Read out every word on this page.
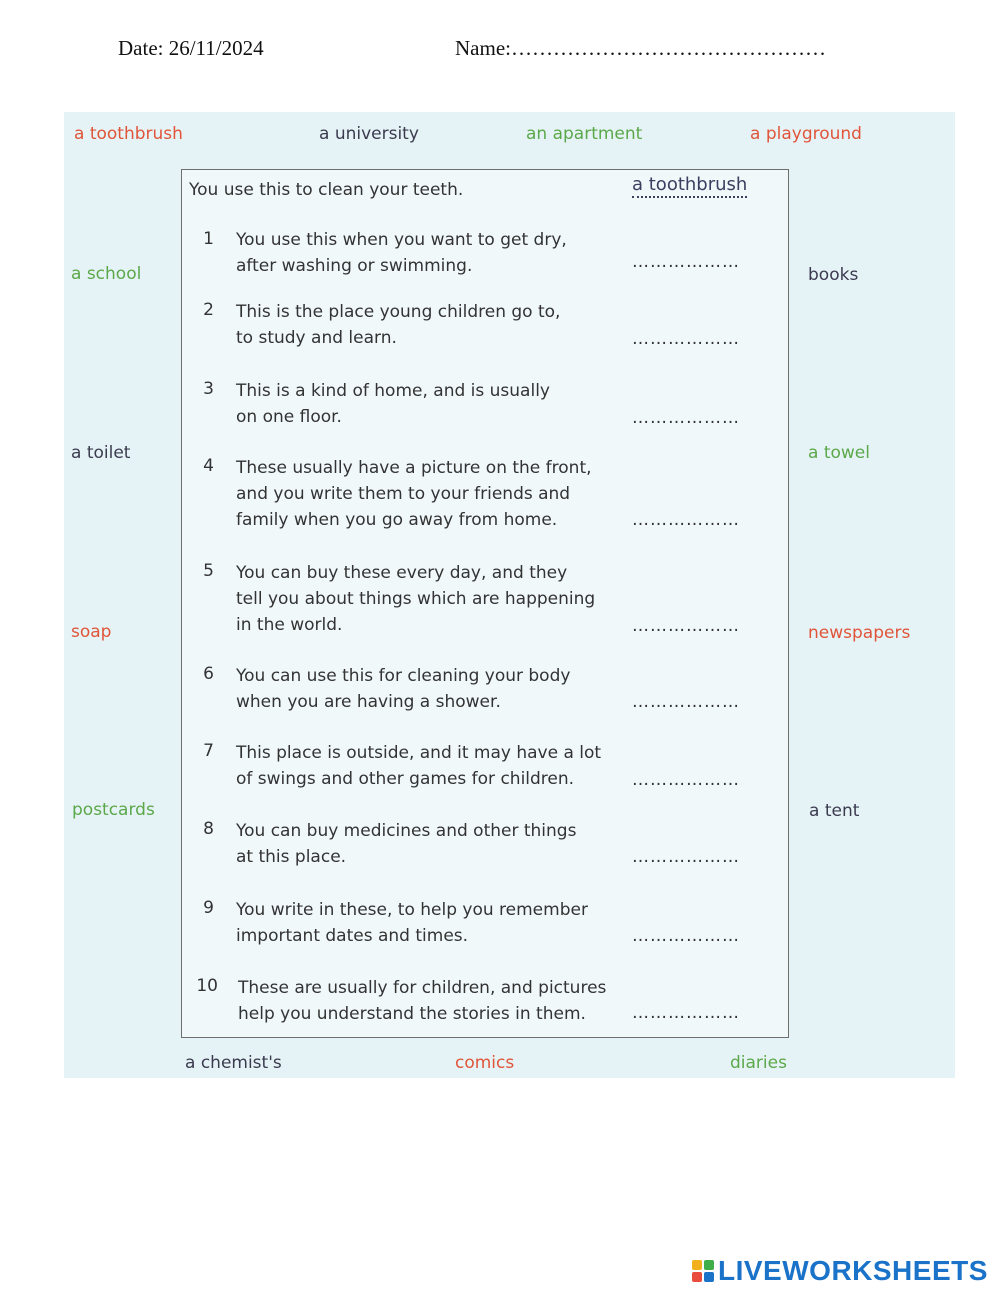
Date: 26/11/2024	Name:………………………………………
a toothbrush	a university	an apartment	a playground
a school
a toilet
soap
postcards
books
a towel
newspapers
a tent
a chemist's	comics	diaries
You use this to clean your teeth.	a toothbrush
1 You use this when you want to get dry,
after washing or swimming.	………………
2 This is the place young children go to,
to study and learn.	………………
3 This is a kind of home, and is usually
on one floor.	………………
4 These usually have a picture on the front,
and you write them to your friends and
family when you go away from home.	………………
5 You can buy these every day, and they
tell you about things which are happening
in the world.	………………
6 You can use this for cleaning your body
when you are having a shower.	………………
7 This place is outside, and it may have a lot
of swings and other games for children.	………………
8 You can buy medicines and other things
at this place.	………………
9 You write in these, to help you remember
important dates and times.	………………
10 These are usually for children, and pictures
help you understand the stories in them.	………………
LIVEWORKSHEETS
